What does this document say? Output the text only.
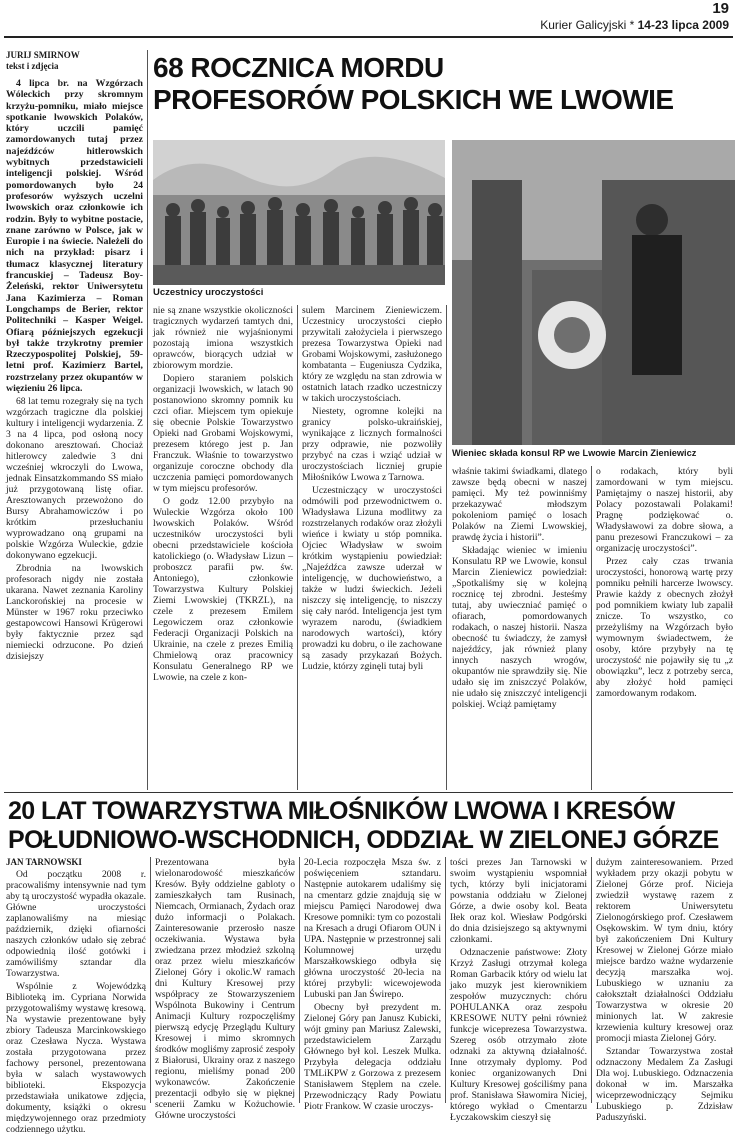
19
Kurier Galicyjski * 14-23 lipca 2009
68 ROCZNICA MORDU
PROFESORÓW POLSKICH WE LWOWIE
JURIJ SMIRNOW
tekst i zdjęcia

4 lipca br. na Wzgórzach Wóleckich przy skromnym krzyżu-pomniku, miało miejsce spotkanie lwowskich Polaków, który uczcili pamięć zamordowanych tutaj przez najeźdźców hitlerowskich wybitnych przedstawicieli inteligencji polskiej. Wśród pomordowanych było 24 profesorów wyższych uczelni lwowskich oraz członkowie ich rodzin. Były to wybitne postacie, znane zarówno w Polsce, jak w Europie i na świecie. Należeli do nich na przykład: pisarz i tłumacz klasycznej literatury francuskiej – Tadeusz Boy-Żeleński, rektor Uniwersytetu Jana Kazimierza – Roman Longchamps de Berier, rektor Politechniki – Kasper Weigel. Ofiarą późniejszych egzekucji był także trzykrotny premier Rzeczypospolitej Polskiej, 59-letni prof. Kazimierz Bartel, rozstrzelany przez okupantów w więzieniu 26 lipca.

68 lat temu rozegrały się na tych wzgórzach tragiczne dla polskiej kultury i inteligencji wydarzenia. Z 3 na 4 lipca, pod osłoną nocy dokonano aresztowań. Chociaż hitlerowcy zaledwie 3 dni wcześniej wkroczyli do Lwowa, jednak Einsatzkommando SS miało już przygotowaną listę ofiar. Aresztowanych przewożono do Bursy Abrahamowiczów i po krótkim przesłuchaniu wyprowadzano oną grupami na polskie Wzgórza Wuleckie, gdzie dokonywano egzekucji.

Zbrodnia na lwowskich profesorach nigdy nie została ukarana. Nawet zeznania Karoliny Lanckorońskiej na procesie w Münster w 1967 roku przeciwko gestapowcowi Hansowi Krügerowi były faktycznie przez sąd niemiecki odrzucone. Po dzień dzisiejszy

Uczestnicy uroczystości
Wieniec składa konsul RP we Lwowie Marcin Zieniewicz

nie są znane wszystkie okoliczności tragicznych wydarzeń tamtych dni, jak również nie wyjaśnionymi pozostają imiona wszystkich oprawców, biorących udział w zbiorowym mordzie.

Dopiero staraniem polskich organizacji lwowskich, w latach 90 postanowiono skromny pomnik ku czci ofiar. Miejscem tym opiekuje się obecnie Polskie Towarzystwo Opieki nad Grobami Wojskowymi, prezesem którego jest p. Jan Franczuk. Właśnie to towarzystwo organizuje coroczne obchody dla uczczenia pamięci pomordowanych w tym miejscu profesorów.

O godz 12.00 przybyło na Wuleckie Wzgórza około 100 lwowskich Polaków. Wśród uczestników uroczystości byli obecni przedstawiciele kościoła katolickiego (o. Władysław Lizun – proboszcz parafii pw. św. Antoniego), członkowie Towarzystwa Kultury Polskiej Ziemi Lwowskiej (TKRZL), na czele z prezesem Emilem Legowiczem oraz członkowie Federacji Organizacji Polskich na Ukrainie, na czele z prezes Emilią Chmielową oraz pracownicy Konsulatu Generalnego RP we Lwowie, na czele z kon-

sulem Marcinem Zieniewiczem. Uczestnicy uroczystości ciepło przywitali założyciela i pierwszego prezesa Towarzystwa Opieki nad Grobami Wojskowymi, zasłużonego kombatanta – Eugeniusza Cydzika, który ze względu na stan zdrowia w ostatnich latach rzadko uczestniczy w takich uroczystościach.

Niestety, ogromne kolejki na granicy polsko-ukraińskiej, wynikające z licznych formalności przy odprawie, nie pozwoliły przybyć na czas i wziąć udział w uroczystościach liczniej grupie Miłośników Lwowa z Tarnowa.

Uczestniczący w uroczystości odmówili pod przewodnictwem o. Władysława Lizuna modlitwy za rozstrzelanych rodaków oraz złożyli wieńce i kwiaty u stóp pomnika. Ojciec Władysław w swoim krótkim wystąpieniu powiedział: „Najeźdźca zawsze uderzał w inteligencję, w duchowieństwo, a także w ludzi świeckich. Jeżeli niszczy się inteligencję, to niszczy się cały naród. Inteligencja jest tym wyrazem narodu, (świadkiem narodowych wartości), który prowadzi ku dobru, o ile zachowane są zasady przykazań Bożych. Ludzie, którzy zginęli tutaj byli

właśnie takimi świadkami, dlatego zawsze będą obecni w naszej pamięci. My też powinniśmy przekazywać młodszym pokoleniom pamięć o losach Polaków na Ziemi Lwowskiej, prawdę życia i historii”.

Składając wieniec w imieniu Konsulatu RP we Lwowie, konsul Marcin Zieniewicz powiedział: „Spotkaliśmy się w kolejną rocznicę tej zbrodni. Jesteśmy tutaj, aby uwieczniać pamięć o ofiarach, pomordowanych rodakach, o naszej historii. Nasza obecność tu świadczy, że zamysł najeźdźcy, jak również plany innych naszych wrogów, okupantów nie sprawdziły się. Nie udało się im zniszczyć Polaków, nie udało się zniszczyć inteligencji polskiej. Wciąż pamiętamy

o rodakach, który byli zamordowani w tym miejscu. Pamiętajmy o naszej historii, aby Polacy pozostawali Polakami! Pragnę podziękować o. Władysławowi za dobre słowa, a panu prezesowi Franczukowi – za organizację uroczystości”.

Przez cały czas trwania uroczystości, honorową wartę przy pomniku pełnili harcerze lwowscy. Prawie każdy z obecnych złożył pod pomnikiem kwiaty lub zapalił znicze. To wszystko, co przeżyliśmy na Wzgórzach było wymownym świadectwem, że osoby, które przybyły na tę uroczystość nie pojawiły się tu „z obowiązku”, lecz z potrzeby serca, aby złożyć hołd pamięci zamordowanym rodakom.

20 LAT TOWARZYSTWA MIŁOŚNIKÓW LWOWA I KRESÓW
POŁUDNIOWO-WSCHODNICH, ODDZIAŁ W ZIELONEJ GÓRZE
JAN TARNOWSKI

Od początku 2008 r. pracowaliśmy intensywnie nad tym aby tą uroczystość wypadła okazale. Główne uroczystości zaplanowaliśmy na miesiąc październik, dzięki ofiarności naszych członków udało się zebrać odpowiednią ilość gotówki i zamówiliśmy sztandar dla Towarzystwa.

Wspólnie z Wojewódzką Biblioteką im. Cypriana Norwida przygotowaliśmy wystawę kresową. Na wystawie prezentowane były zbiory Tadeusza Marcinkowskiego oraz Czesława Nycza. Wystawa została przygotowana przez fachowy personel, prezentowana była w salach wystawowych biblioteki. Ekspozycja przedstawiała unikatowe zdjęcia, dokumenty, książki o okresu międzywojennego oraz przedmioty codziennego użytku.

Prezentowana była wielonarodowość mieszkańców Kresów. Były oddzielne gabloty o zamieszkałych tam Rusinach, Niemcach, Ormianach, Żydach oraz dużo informacji o Polakach. Zainteresowanie przerosło nasze oczekiwania. Wystawa była zwiedzana przez młodzież szkolną oraz przez wielu mieszkańców Zielonej Góry i okolic.W ramach dni Kultury Kresowej przy współpracy ze Stowarzyszeniem Wspólnota Bukowiny i Centrum Animacji Kultury rozpoczęliśmy pierwszą edycję Przeglądu Kultury Kresowej i mimo skromnych środków mogliśmy zaprosić zespoły z Białorusi, Ukrainy oraz z naszego regionu, mieliśmy ponad 200 wykonawców. Zakończenie prezentacji odbyło się w pięknej scenerii Zamku w Kożuchowie. Główne uroczystości

20-Lecia rozpoczęła Msza św. z poświęceniem sztandaru. Następnie autokarem udaliśmy się na cmentarz gdzie znajdują się w miejscu Pamięci Narodowej dwa Kresowe pomniki: tym co pozostali na Kresach a drugi Ofiarom OUN i UPA. Następnie w przestronnej sali Kolumnowej urzędu Marszałkowskiego odbyła się główna uroczystość 20-lecia na której przybyli: wicewojewoda Lubuski pan Jan Świrepo.

Obecny był prezydent m. Zielonej Góry pan Janusz Kubicki, wójt gminy pan Mariusz Zalewski, przedstawicielem Zarządu Głównego był kol. Leszek Mulka. Przybyła delegacja oddziału TMLiKPW z Gorzowa z prezesem Stanisławem Stęplem na czele. Przewodniczący Rady Powiatu Piotr Frankow. W czasie uroczys-

tości prezes Jan Tarnowski w swoim wystąpieniu wspomniał tych, którzy byli inicjatorami powstania oddziału w Zielonej Górze, a dwie osoby kol. Beata Iłek oraz kol. Wiesław Podgórski do dnia dzisiejszego są aktywnymi członkami.

Odznaczenie państwowe: Złoty Krzyż Zasługi otrzymał kolega Roman Garbacik który od wielu lat jako muzyk jest kierownikiem zespołów muzycznych: chóru POHULANKA oraz zespołu KRESOWE NUTY pełni również funkcje wiceprezesa Towarzystwa. Szereg osób otrzymało złote odznaki za aktywną działalność. Inne otrzymały dyplomy. Pod koniec organizowanych Dni Kultury Kresowej gościliśmy pana prof. Stanisława Sławomira Niciej, którego wykład o Cmentarzu Łyczakowskim cieszył się

dużym zainteresowaniem. Przed wykładem przy okazji pobytu w Zielonej Górze prof. Nicieja zwiedził wystawę razem z rektorem Uniwersytetu Zielonogórskiego prof. Czesławem Osękowskim. W tym dniu, który był zakończeniem Dni Kultury Kresowej w Zielonej Górze miało miejsce bardzo ważne wydarzenie decyzją marszałka woj. Lubuskiego w uznaniu za całokształt działalności Oddziału Towarzystwa w okresie 20 minionych lat. W zakresie krzewienia kultury kresowej oraz promocji miasta Zielonej Góry.

Sztandar Towarzystwa został odznaczony Medalem Za Zasługi Dla woj. Lubuskiego. Odznaczenia dokonał w im. Marszałka wiceprzewodniczący Sejmiku Lubuskiego p. Zdzisław Paduszyński.
